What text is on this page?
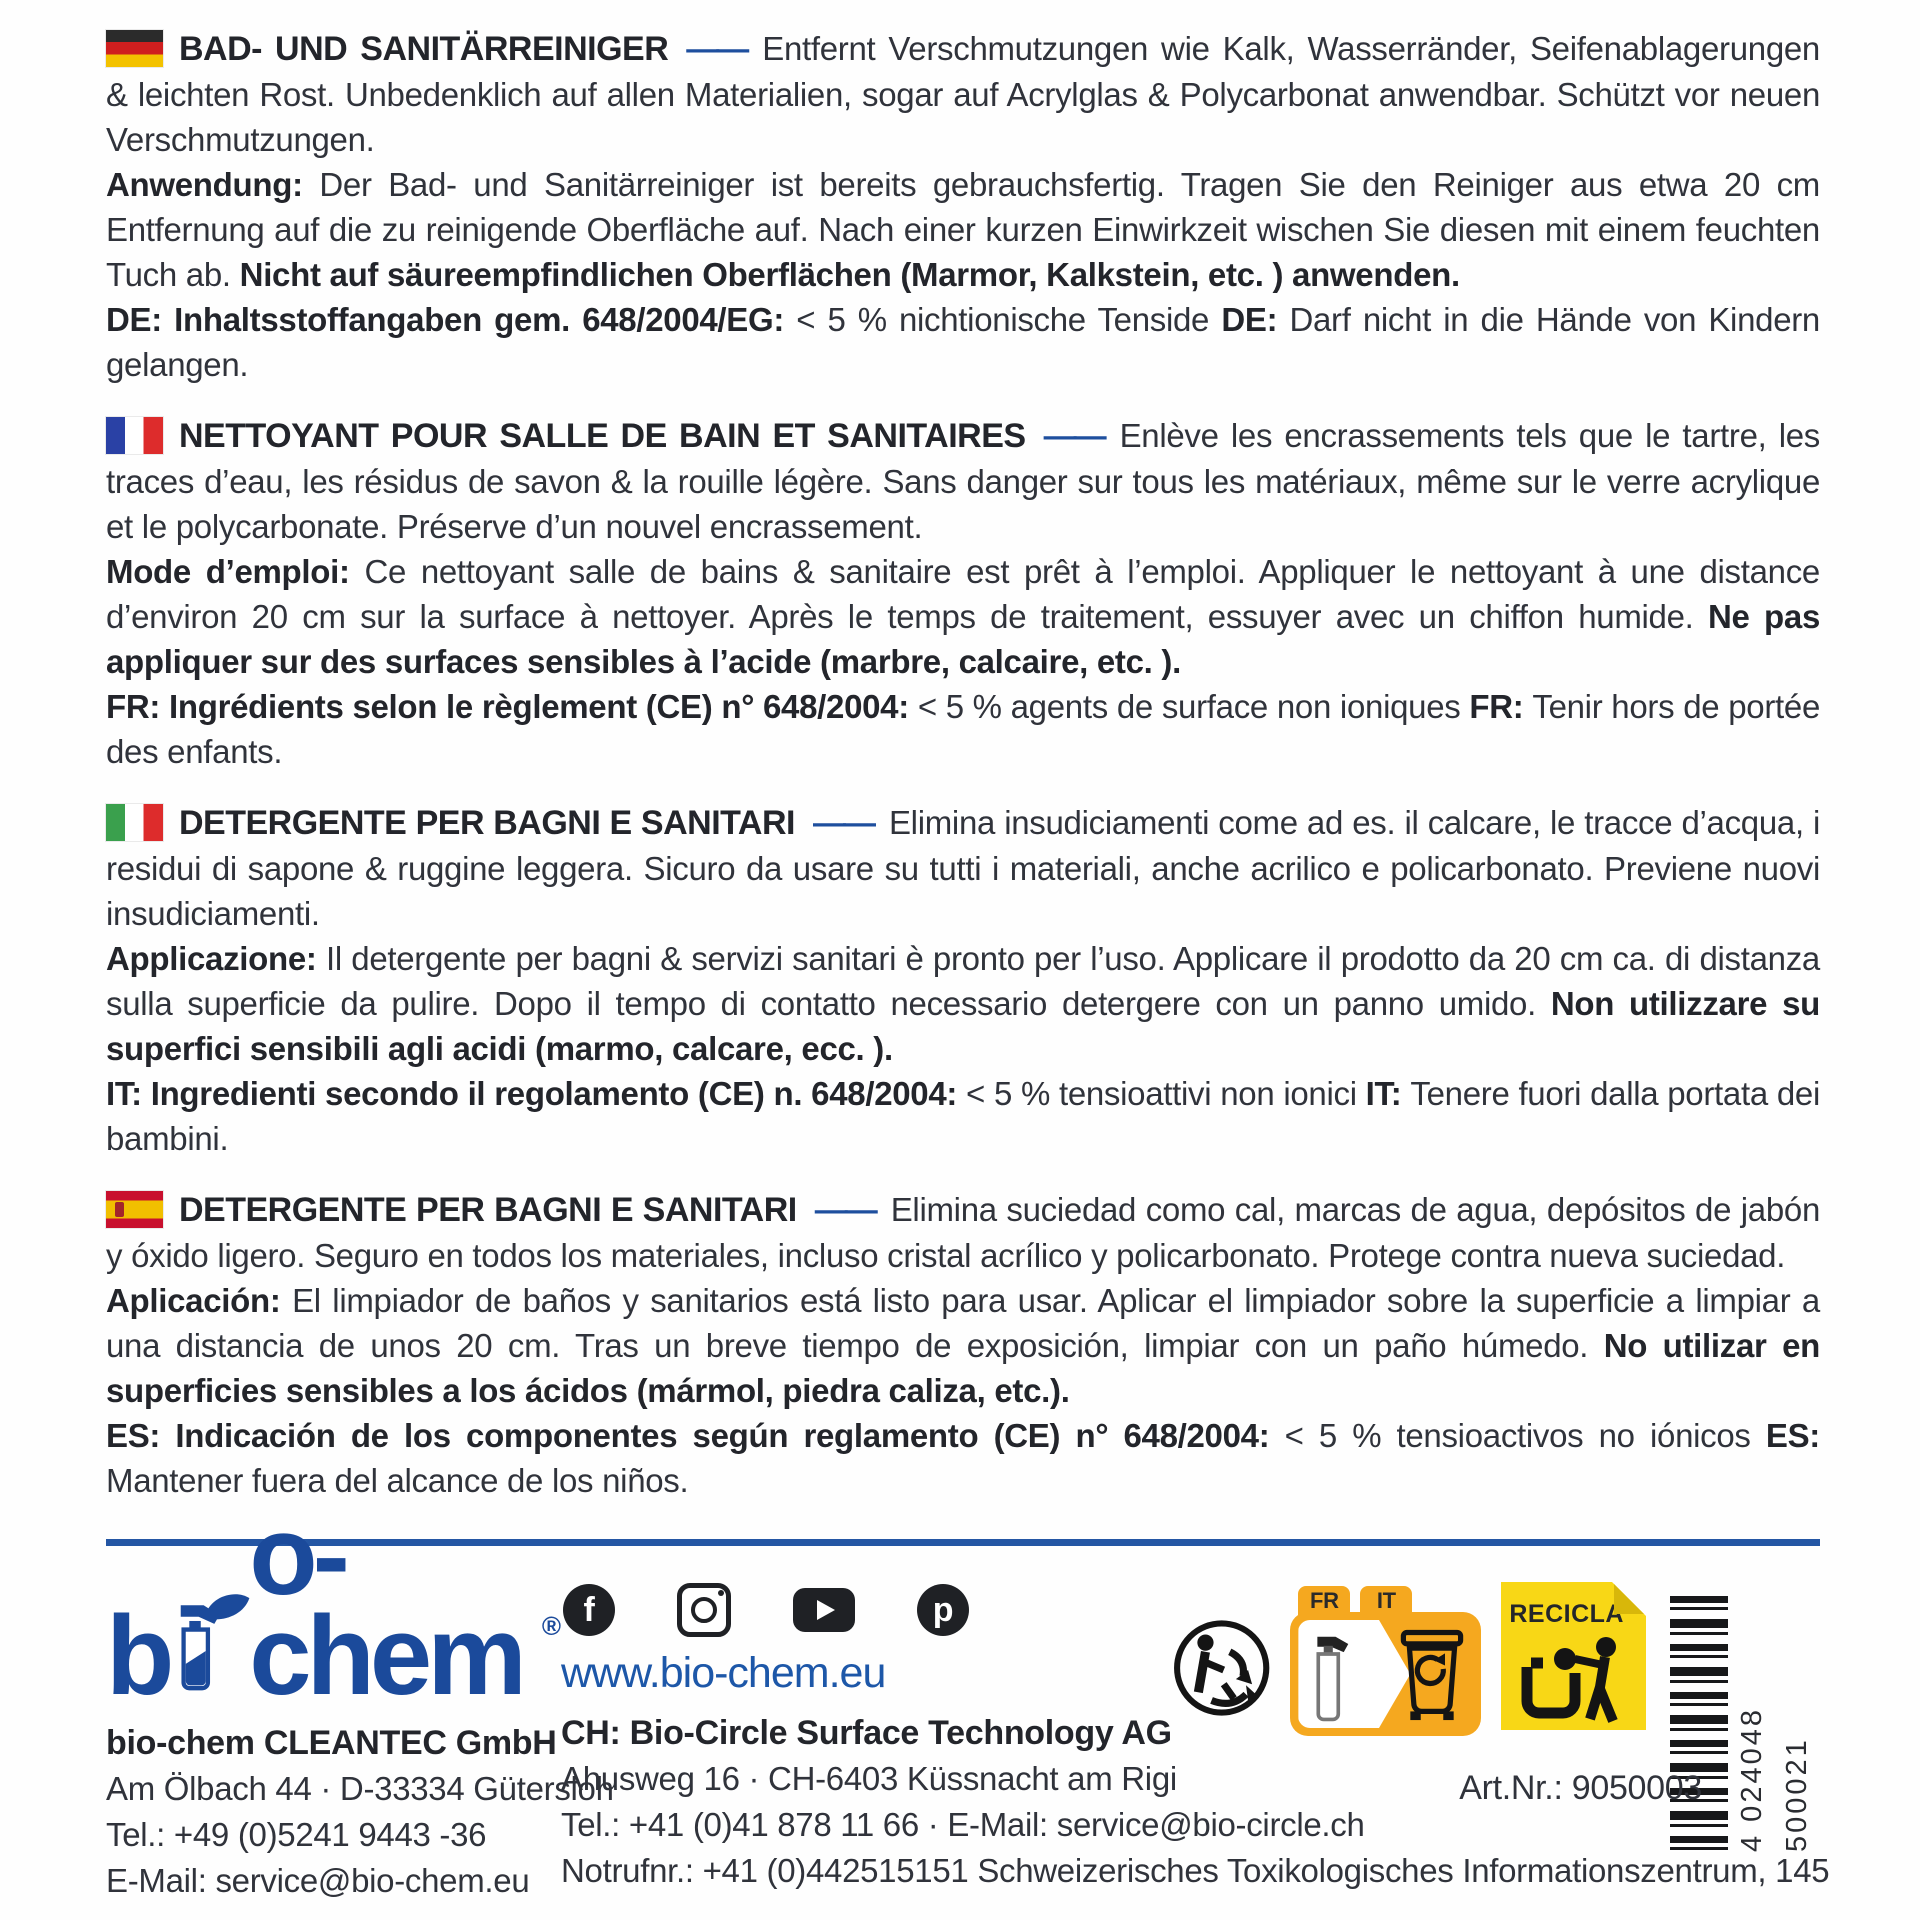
BAD- UND SANITÄRREINIGER —— Entfernt Verschmutzungen wie Kalk, Wasserränder, Seifenablagerungen & leichten Rost. Unbedenklich auf allen Materialien, sogar auf Acrylglas & Polycarbonat anwendbar. Schützt vor neuen Verschmutzungen.

Anwendung: Der Bad- und Sanitärreiniger ist bereits gebrauchsfertig. Tragen Sie den Reiniger aus etwa 20 cm Entfernung auf die zu reinigende Oberfläche auf. Nach einer kurzen Einwirkzeit wischen Sie diesen mit einem feuchten Tuch ab. Nicht auf säureempfindlichen Oberflächen (Marmor, Kalkstein, etc. ) anwenden.

DE: Inhaltsstoffangaben gem. 648/2004/EG: < 5 % nichtionische Tenside DE: Darf nicht in die Hände von Kindern gelangen.

NETTOYANT POUR SALLE DE BAIN ET SANITAIRES —— Enlève les encrassements tels que le tartre, les traces d’eau, les résidus de savon & la rouille légère. Sans danger sur tous les matériaux, même sur le verre acrylique et le polycarbonate. Préserve d’un nouvel encrassement.

Mode d’emploi: Ce nettoyant salle de bains & sanitaire est prêt à l’emploi. Appliquer le nettoyant à une distance d’environ 20 cm sur la surface à nettoyer. Après le temps de traitement, essuyer avec un chiffon humide. Ne pas appliquer sur des surfaces sensibles à l’acide (marbre, calcaire, etc. ).

FR: Ingrédients selon le règlement (CE) n° 648/2004: < 5 % agents de surface non ioniques FR: Tenir hors de portée des enfants.

DETERGENTE PER BAGNI E SANITARI —— Elimina insudiciamenti come ad es. il calcare, le tracce d’acqua, i residui di sapone & ruggine leggera. Sicuro da usare su tutti i materiali, anche acrilico e policarbonato. Previene nuovi insudiciamenti.

Applicazione: Il detergente per bagni & servizi sanitari è pronto per l’uso. Applicare il prodotto da 20 cm ca. di distanza sulla superficie da pulire. Dopo il tempo di contatto necessario detergere con un panno umido. Non utilizzare su superfici sensibili agli acidi (marmo, calcare, ecc. ).

IT: Ingredienti secondo il regolamento (CE) n. 648/2004: < 5 % tensioattivi non ionici IT: Tenere fuori dalla portata dei bambini.

DETERGENTE PER BAGNI E SANITARI —— Elimina suciedad como cal, marcas de agua, depósitos de jabón y óxido ligero. Seguro en todos los materiales, incluso cristal acrílico y policarbonato. Protege contra nueva suciedad.

Aplicación: El limpiador de baños y sanitarios está listo para usar. Aplicar el limpiador sobre la superficie a limpiar a una distancia de unos 20 cm. Tras un breve tiempo de exposición, limpiar con un paño húmedo. No utilizar en superficies sensibles a los ácidos (mármol, piedra caliza, etc.).

ES: Indicación de los componentes según reglamento (CE) n° 648/2004: < 5 % tensioactivos no iónicos ES: Mantener fuera del alcance de los niños.

b
o-chem ®
bio-chem CLEANTEC GmbH
Am Ölbach 44 · D-33334 Gütersloh
Tel.: +49 (0)5241 9443 -36
E-Mail: service@bio-chem.eu
f	p
www.bio-chem.eu
CH: Bio-Circle Surface Technology AG
Ahusweg 16 · CH-6403 Küssnacht am Rigi
Tel.: +41 (0)41 878 11 66 · E-Mail: service@bio-circle.ch
Notrufnr.: +41 (0)442515151 Schweizerisches Toxikologisches Informationszentrum, 145
FR	IT	RECICLA
Art.Nr.: 9050003 4 024048 500021
